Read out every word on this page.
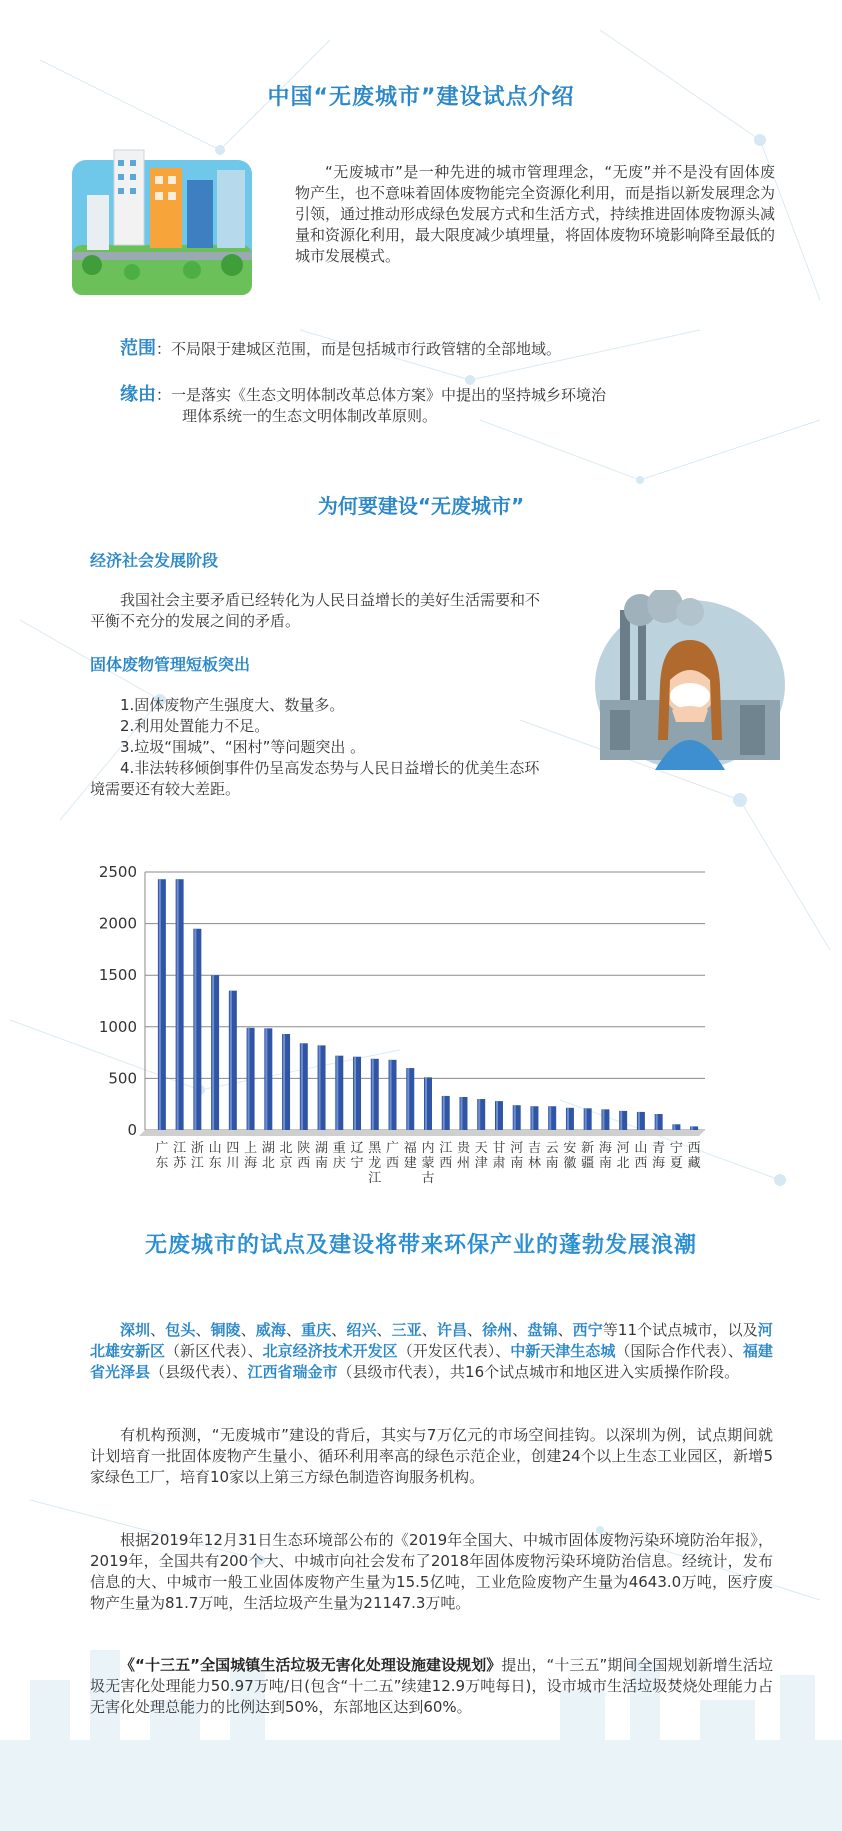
中国“无废城市”建设试点介绍
“无废城市”是一种先进的城市管理理念，“无废”并不是没有固体废物产生，也不意味着固体废物能完全资源化利用，而是指以新发展理念为引领，通过推动形成绿色发展方式和生活方式，持续推进固体废物源头减量和资源化利用，最大限度减少填埋量，将固体废物环境影响降至最低的城市发展模式。
范围：不局限于建城区范围，而是包括城市行政管辖的全部地域。
缘由：一是落实《生态文明体制改革总体方案》中提出的坚持城乡环境治
理体系统一的生态文明体制改革原则。
为何要建设“无废城市”
经济社会发展阶段
我国社会主要矛盾已经转化为人民日益增长的美好生活需要和不平衡不充分的发展之间的矛盾。
固体废物管理短板突出
1.固体废物产生强度大、数量多。
2.利用处置能力不足。
3.垃圾“围城”、“困村”等问题突出 。
4.非法转移倾倒事件仍呈高发态势与人民日益增长的优美生态环境需要还有较大差距。
0
500
1000
1500
2000
2500
广东
江苏
浙江
山东
四川
上海
湖北
北京
陕西
湖南
重庆
辽宁
黑龙江
广西
福建
内蒙古
江西
贵州
天津
甘肃
河南
吉林
云南
安徽
新疆
海南
河北
山西
青海
宁夏
西藏
无废城市的试点及建设将带来环保产业的蓬勃发展浪潮
深圳、包头、铜陵、威海、重庆、绍兴、三亚、许昌、徐州、盘锦、西宁等11个试点城市，以及河北雄安新区（新区代表）、北京经济技术开发区（开发区代表）、中新天津生态城（国际合作代表）、福建省光泽县（县级代表）、江西省瑞金市（县级市代表），共16个试点城市和地区进入实质操作阶段。
有机构预测，“无废城市”建设的背后，其实与7万亿元的市场空间挂钩。以深圳为例，试点期间就计划培育一批固体废物产生量小、循环利用率高的绿色示范企业，创建24个以上生态工业园区，新增5家绿色工厂，培育10家以上第三方绿色制造咨询服务机构。
根据2019年12月31日生态环境部公布的《2019年全国大、中城市固体废物污染环境防治年报》，2019年，全国共有200个大、中城市向社会发布了2018年固体废物污染环境防治信息。经统计，发布信息的大、中城市一般工业固体废物产生量为15.5亿吨，工业危险废物产生量为4643.0万吨，医疗废物产生量为81.7万吨，生活垃圾产生量为21147.3万吨。
《“十三五”全国城镇生活垃圾无害化处理设施建设规划》提出，“十三五”期间全国规划新增生活垃圾无害化处理能力50.97万吨/日(包含“十二五”续建12.9万吨每日)，设市城市生活垃圾焚烧处理能力占无害化处理总能力的比例达到50%，东部地区达到60%。
